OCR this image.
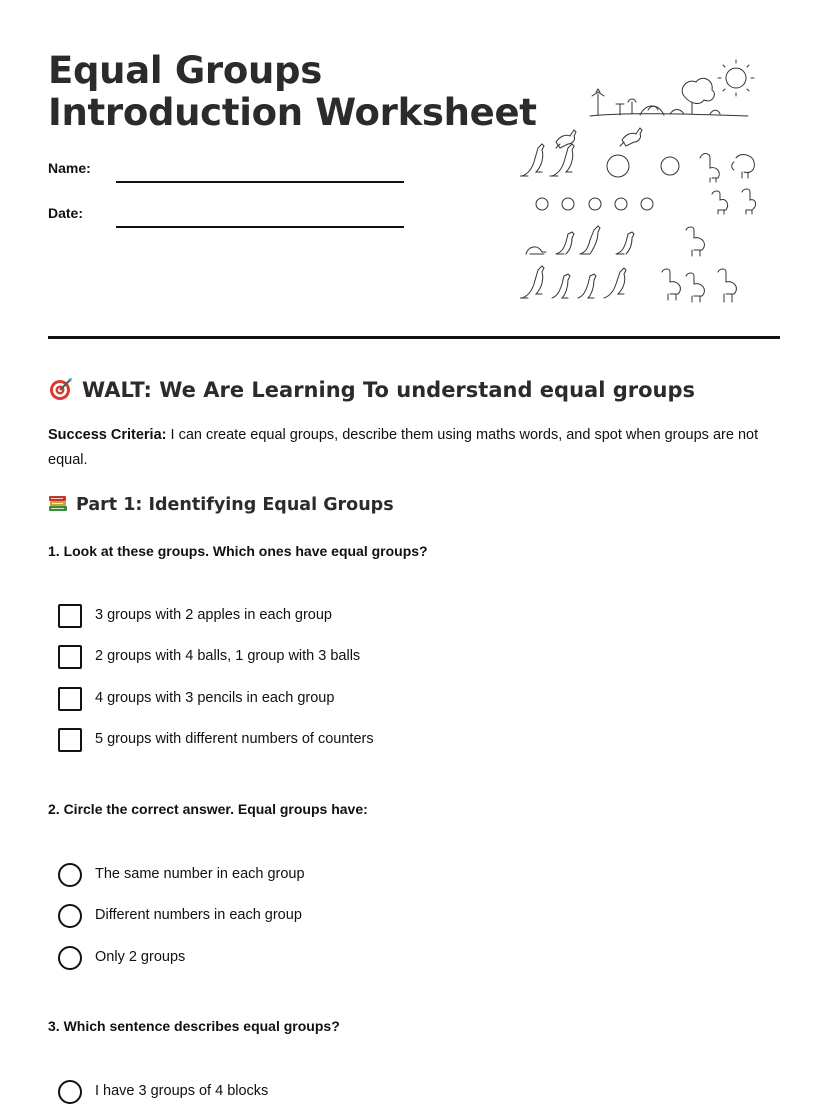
Equal Groups
Introduction Worksheet
Name:
Date:
WALT: We Are Learning To understand equal groups

Success Criteria: I can create equal groups, describe them using maths words, and spot when groups are not equal.

Part 1: Identifying Equal Groups
1. Look at these groups. Which ones have equal groups?
3 groups with 2 apples in each group
2 groups with 4 balls, 1 group with 3 balls
4 groups with 3 pencils in each group
5 groups with different numbers of counters
2. Circle the correct answer. Equal groups have:
The same number in each group
Different numbers in each group
Only 2 groups
3. Which sentence describes equal groups?
I have 3 groups of 4 blocks
